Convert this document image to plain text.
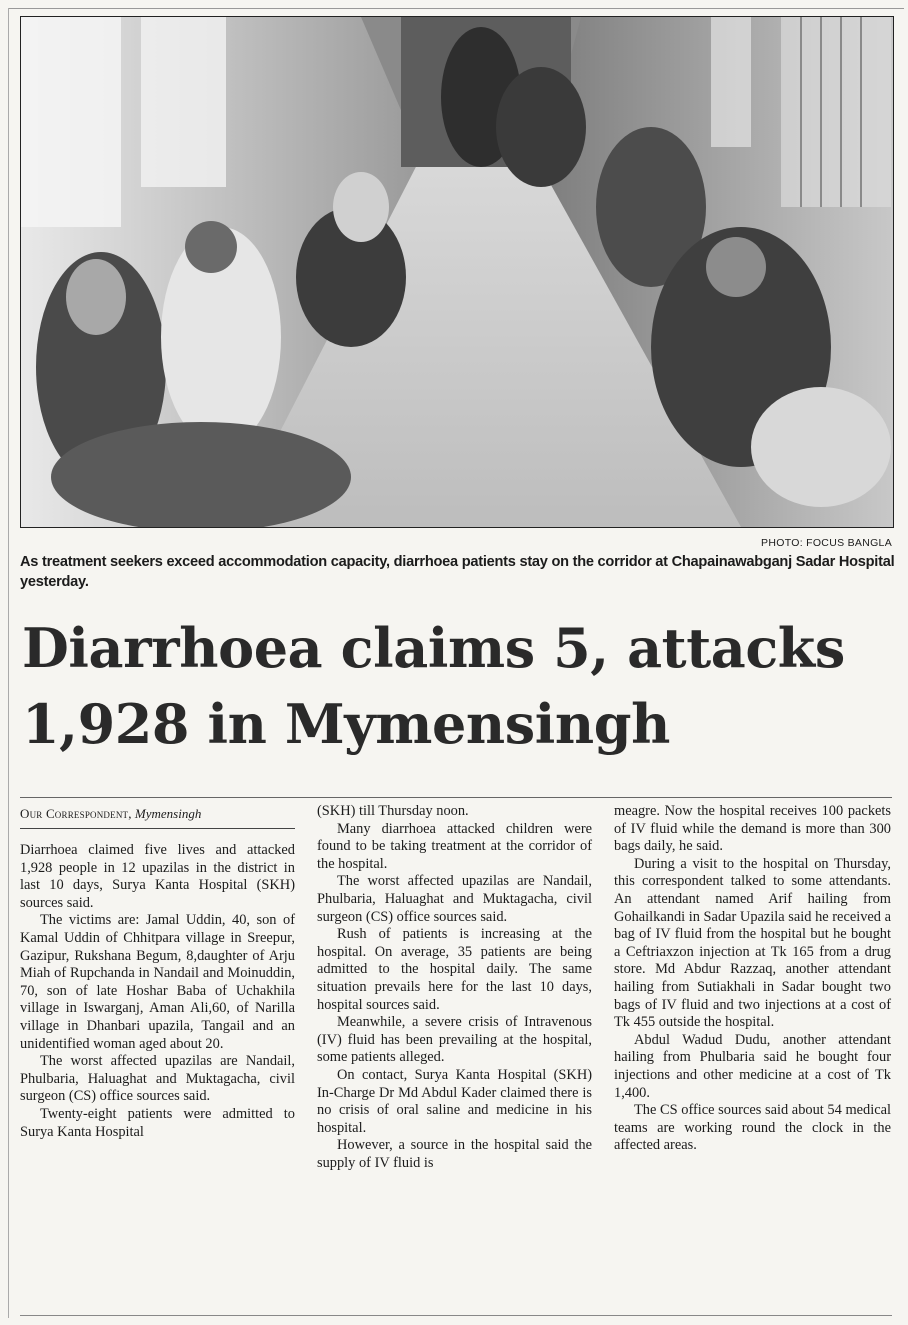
PHOTO: FOCUS BANGLA
As treatment seekers exceed accommodation capacity, diarrhoea patients stay on the corridor at Chapainawabganj Sadar Hospital yesterday.
Diarrhoea claims 5, attacks
1,928 in Mymensingh
Our Correspondent, Mymensingh

Diarrhoea claimed five lives and attacked 1,928 people in 12 upazilas in the district in last 10 days, Surya Kanta Hospital (SKH) sources said.

The victims are: Jamal Uddin, 40, son of Kamal Uddin of Chhitpara village in Sreepur, Gazipur, Rukshana Begum, 8,daughter of Arju Miah of Rupchanda in Nandail and Moinuddin, 70, son of late Hoshar Baba of Uchakhila village in Iswarganj, Aman Ali,60, of Narilla village in Dhanbari upazila, Tangail and an unidentified woman aged about 20.

The worst affected upazilas are Nandail, Phulbaria, Haluaghat and Muktagacha, civil surgeon (CS) office sources said.

Twenty-eight patients were admitted to Surya Kanta Hospital

(SKH) till Thursday noon.

Many diarrhoea attacked children were found to be taking treatment at the corridor of the hospital.

The worst affected upazilas are Nandail, Phulbaria, Haluaghat and Muktagacha, civil surgeon (CS) office sources said.

Rush of patients is increasing at the hospital. On average, 35 patients are being admitted to the hospital daily. The same situation prevails here for the last 10 days, hospital sources said.

Meanwhile, a severe crisis of Intravenous (IV) fluid has been prevailing at the hospital, some patients alleged.

On contact, Surya Kanta Hospital (SKH) In-Charge Dr Md Abdul Kader claimed there is no crisis of oral saline and medicine in his hospital.

However, a source in the hospital said the supply of IV fluid is

meagre. Now the hospital receives 100 packets of IV fluid while the demand is more than 300 bags daily, he said.

During a visit to the hospital on Thursday, this correspondent talked to some attendants. An attendant named Arif hailing from Gohailkandi in Sadar Upazila said he received a bag of IV fluid from the hospital but he bought a Ceftriaxzon injection at Tk 165 from a drug store. Md Abdur Razzaq, another attendant hailing from Sutiakhali in Sadar bought two bags of IV fluid and two injections at a cost of Tk 455 outside the hospital.

Abdul Wadud Dudu, another attendant hailing from Phulbaria said he bought four injections and other medicine at a cost of Tk 1,400.

The CS office sources said about 54 medical teams are working round the clock in the affected areas.
